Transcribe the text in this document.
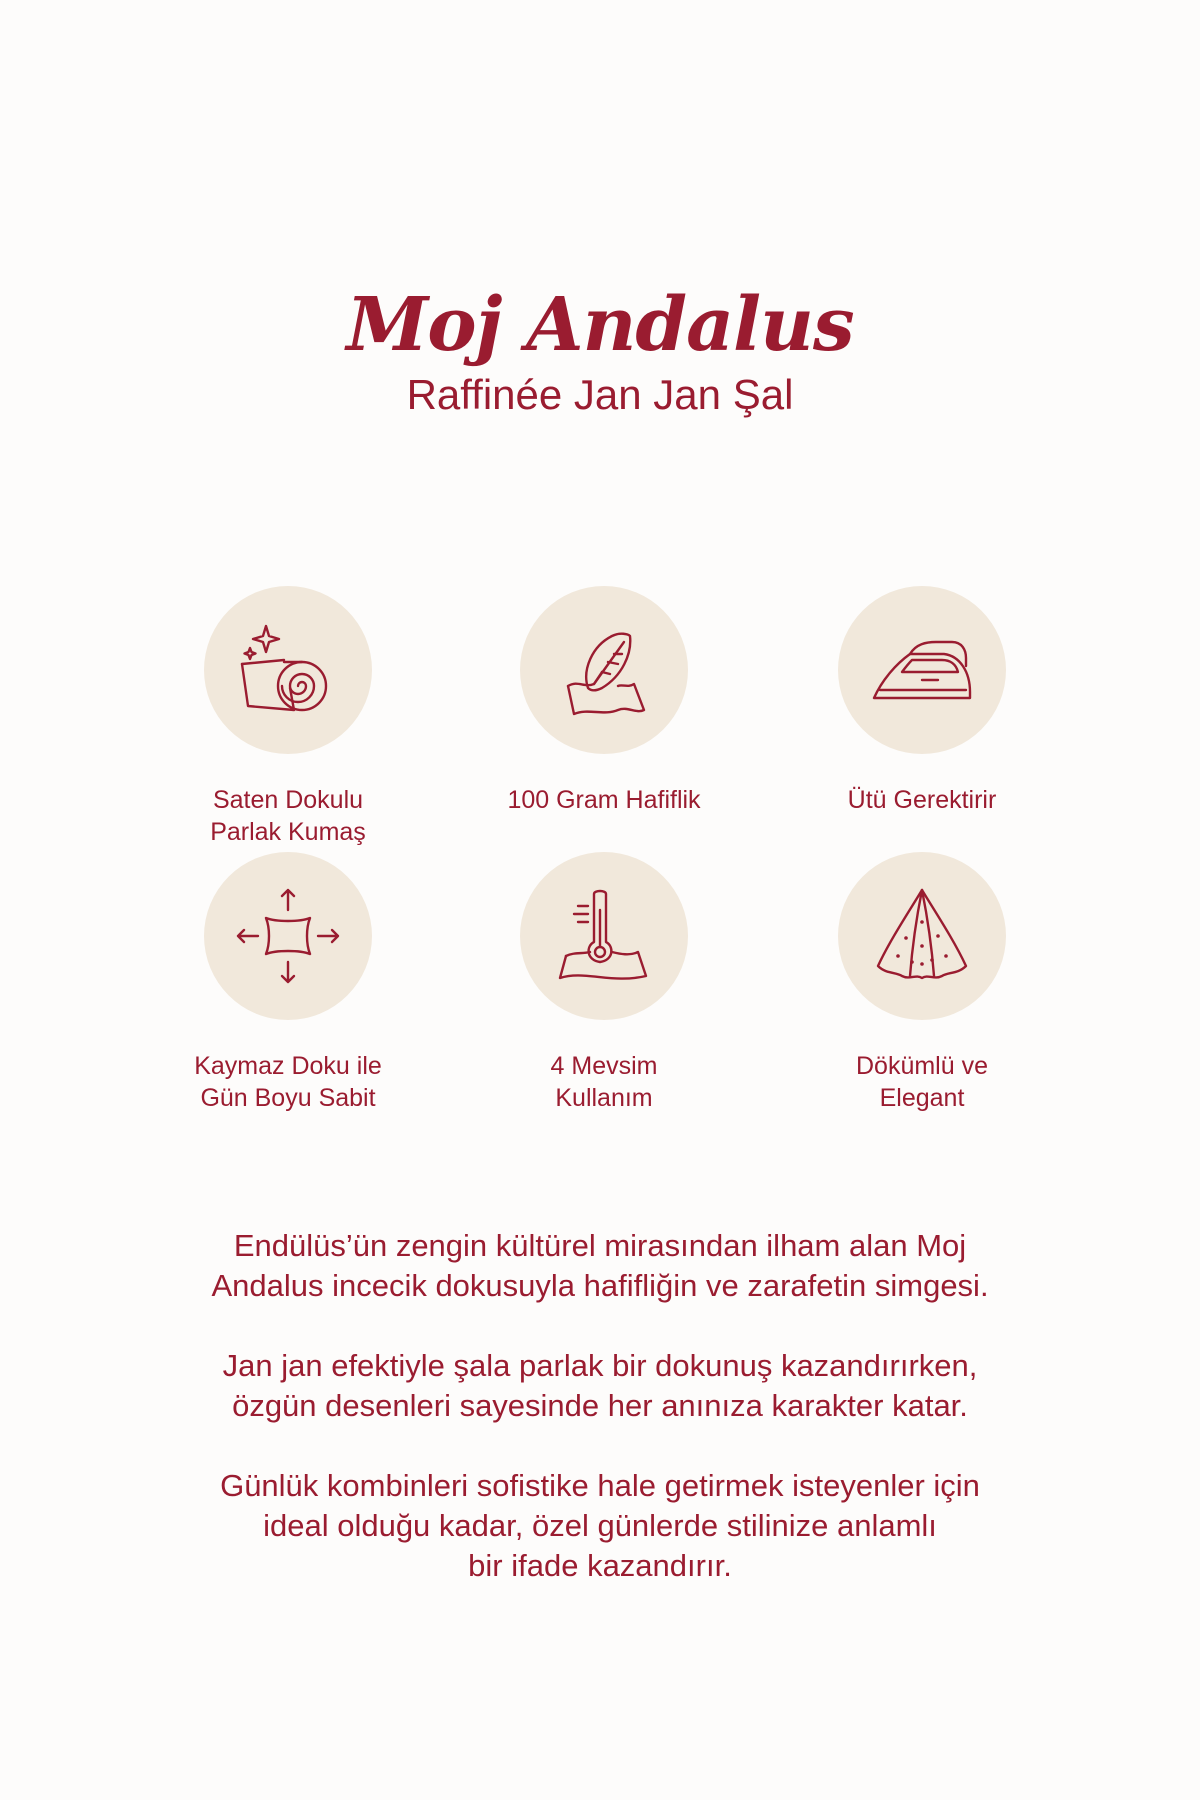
Moj Andalus
Raffinée Jan Jan Şal
Saten Dokulu
Parlak Kumaş
100 Gram Hafiflik	Ütü Gerektirir
Kaymaz Doku ile
Gün Boyu Sabit
4 Mevsim
Kullanım
Dökümlü ve
Elegant

Endülüs’ün zengin kültürel mirasından ilham alan Moj
Andalus incecik dokusuyla hafifliğin ve zarafetin simgesi.

Jan jan efektiyle şala parlak bir dokunuş kazandırırken,
özgün desenleri sayesinde her anınıza karakter katar.

Günlük kombinleri sofistike hale getirmek isteyenler için
ideal olduğu kadar, özel günlerde stilinize anlamlı
bir ifade kazandırır.
